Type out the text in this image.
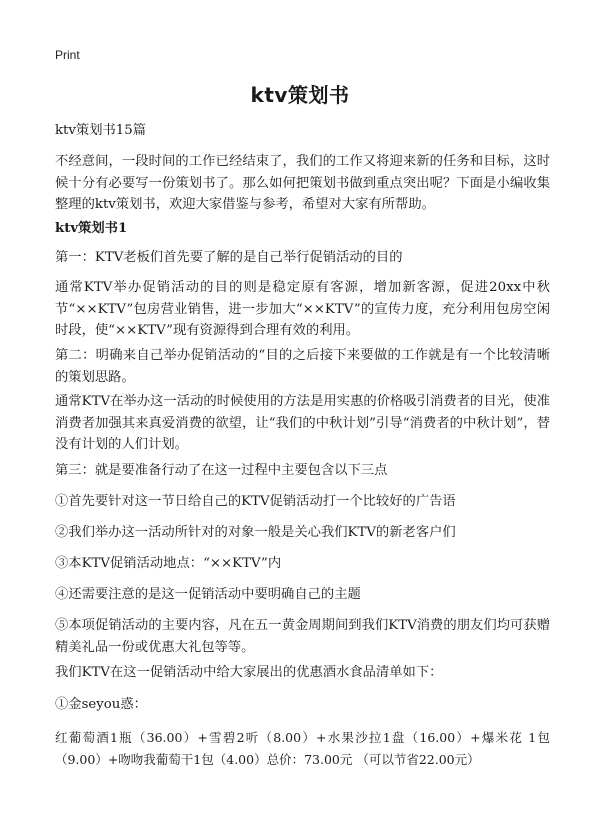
Print
ktv策划书

ktv策划书15篇

不经意间，一段时间的工作已经结束了，我们的工作又将迎来新的任务和目标，这时候十分有必要写一份策划书了。那么如何把策划书做到重点突出呢？下面是小编收集整理的ktv策划书，欢迎大家借鉴与参考，希望对大家有所帮助。

ktv策划书1

第一：KTV老板们首先要了解的是自己举行促销活动的目的

通常KTV举办促销活动的目的则是稳定原有客源，增加新客源，促进20xx中秋节“××KTV”包房营业销售，进一步加大“××KTV”的宣传力度，充分利用包房空闲时段，使“××KTV”现有资源得到合理有效的利用。

第二：明确来自己举办促销活动的“目的之后接下来要做的工作就是有一个比较清晰的策划思路。

通常KTV在举办这一活动的时候使用的方法是用实惠的价格吸引消费者的目光，使准消费者加强其来真爱消费的欲望，让“我们的中秋计划”引导“消费者的中秋计划”，替没有计划的人们计划。

第三：就是要准备行动了在这一过程中主要包含以下三点

①首先要针对这一节日给自己的KTV促销活动打一个比较好的广告语

②我们举办这一活动所针对的对象一般是关心我们KTV的新老客户们

③本KTV促销活动地点：“××KTV”内

④还需要注意的是这一促销活动中要明确自己的主题

⑤本项促销活动的主要内容，凡在五一黄金周期间到我们KTV消费的朋友们均可获赠精美礼品一份或优惠大礼包等等。

我们KTV在这一促销活动中给大家展出的优惠酒水食品清单如下：

①金seyou惑：

红葡萄酒1瓶（36.00）+雪碧2听（8.00）+水果沙拉1盘（16.00）+爆米花 1包（9.00）+吻吻我葡萄干1包（4.00）总价：73.00元 （可以节省22.00元）
